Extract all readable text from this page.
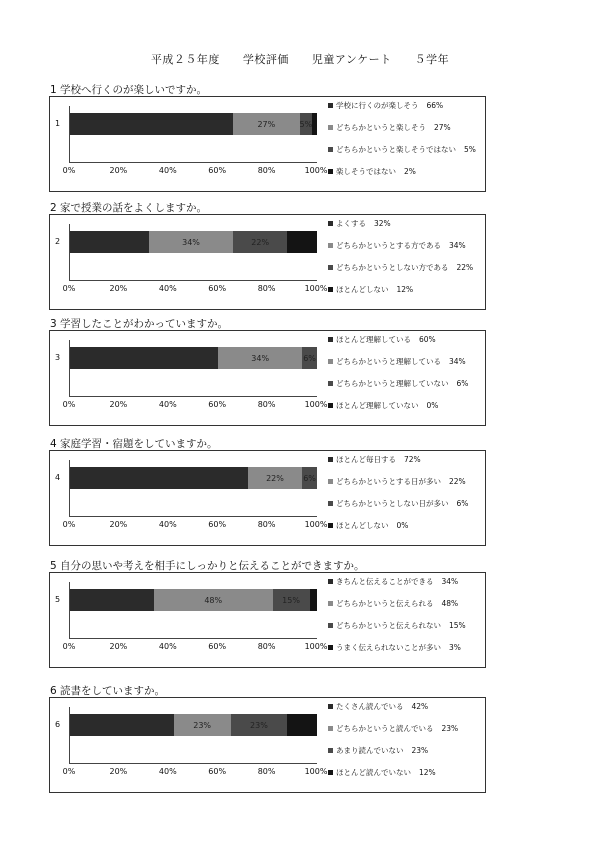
平成２５年度　　学校評価　　児童アンケート　　５学年
1 学校へ行くのが楽しいですか。
27%	5%
1
0%	20%	40%	60%	80%	100%
学校に行くのが楽しそう 66%
どちらかというと楽しそう 27%
どちらかというと楽しそうではない 5%
楽しそうではない 2%
2 家で授業の話をよくしますか。
34%	22%
2
0%	20%	40%	60%	80%	100%
よくする 32%
どちらかというとする方である 34%
どちらかというとしない方である 22%
ほとんどしない 12%
3 学習したことがわかっていますか。
34%	6%
3
0%	20%	40%	60%	80%	100%
ほとんど理解している 60%
どちらかというと理解している 34%
どちらかというと理解していない 6%
ほとんど理解していない 0%
4 家庭学習・宿題をしていますか。
22% 6%
4
0%	20%	40%	60%	80%	100%
ほとんど毎日する 72%
どちらかというとする日が多い 22%
どちらかというとしない日が多い 6%
ほとんどしない 0%
5 自分の思いや考えを相手にしっかりと伝えることができますか。
48%	15%
5
0%	20%	40%	60%	80%	100%
きちんと伝えることができる 34%
どちらかというと伝えられる 48%
どちらかというと伝えられない 15%
うまく伝えられないことが多い 3%
6 読書をしていますか。
23%	23%
6
0%	20%	40%	60%	80%	100%
たくさん読んでいる 42%
どちらかというと読んでいる 23%
あまり読んでいない 23%
ほとんど読んでいない 12%
